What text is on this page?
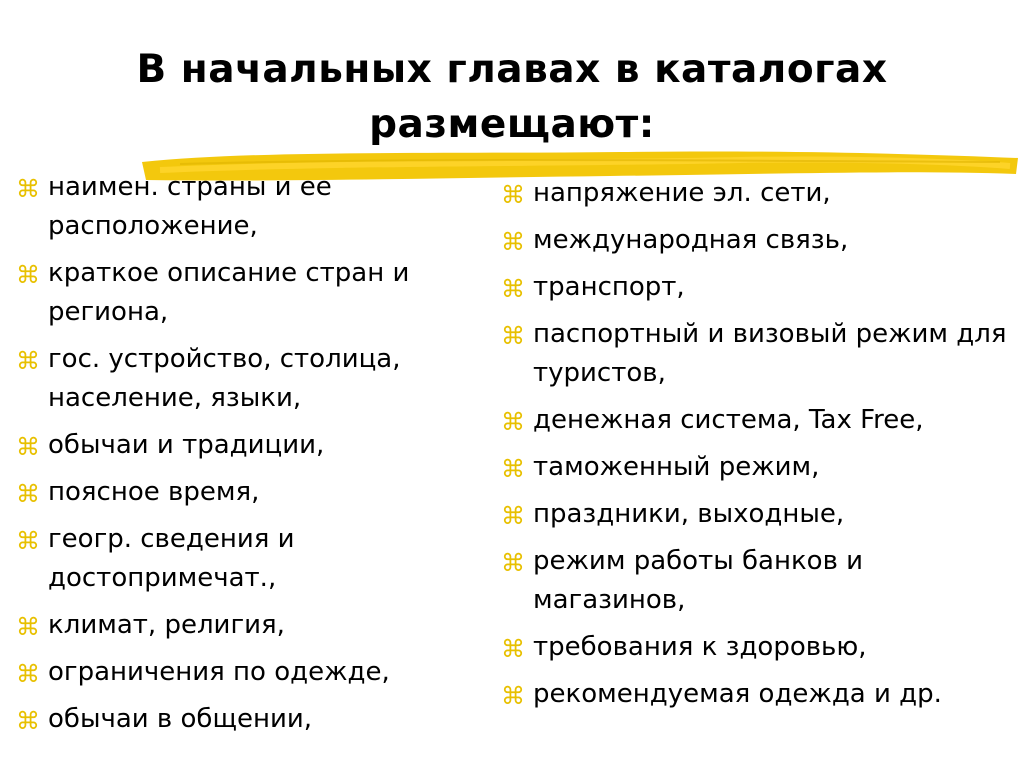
В начальных главах в каталогах
размещают:
⌘ наимен. страны и ее расположение,
⌘ краткое описание стран и региона,
⌘ гос. устройство, столица, население, языки,
⌘ обычаи и традиции,
⌘ поясное время,
⌘ геогр. сведения и достопримечат.,
⌘ климат, религия,
⌘ ограничения по одежде,
⌘ обычаи в общении,
⌘ напряжение эл. сети,
⌘ международная связь,
⌘ транспорт,
⌘ паспортный и визовый режим для туристов,
⌘ денежная система, Tax Free,
⌘ таможенный режим,
⌘ праздники, выходные,
⌘ режим работы банков и магазинов,
⌘ требования к здоровью,
⌘ рекомендуемая одежда и др.
